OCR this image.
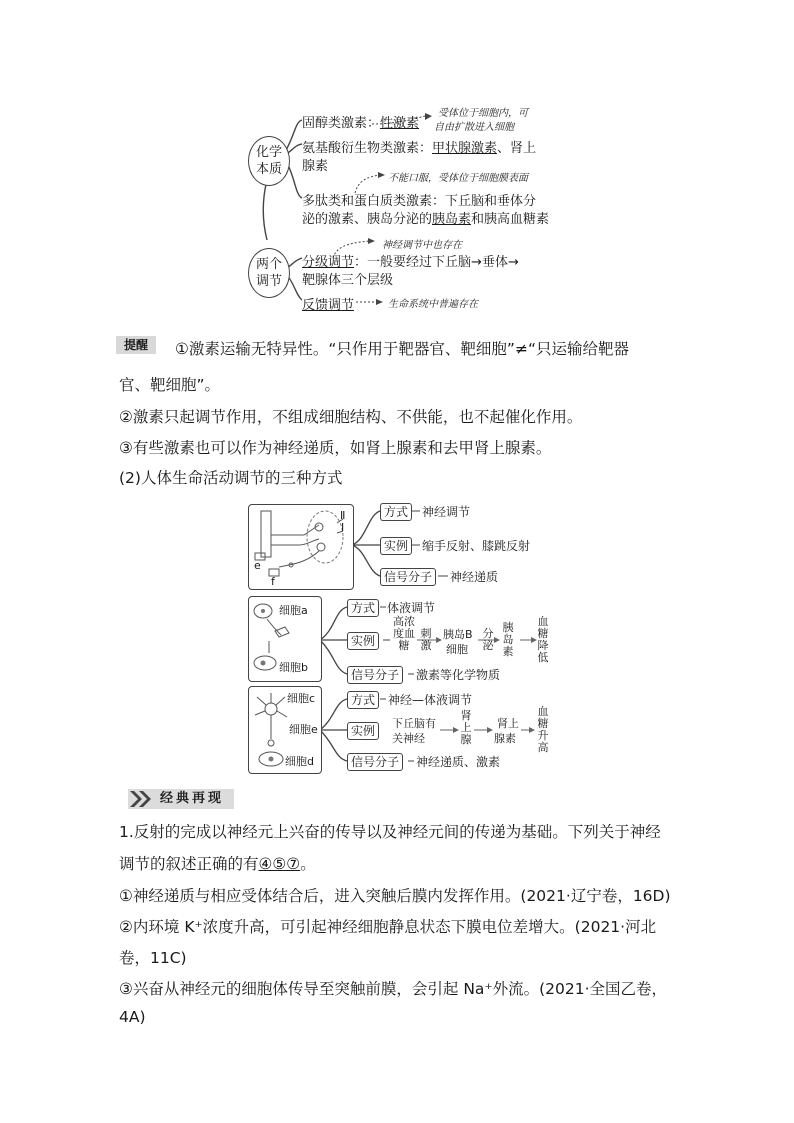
化学本质
两个调节
固醇类激素：性激素
受体位于细胞内，可
自由扩散进入细胞
氨基酸衍生物类激素：甲状腺激素、肾上
腺素
不能口服，受体位于细胞膜表面
多肽类和蛋白质类激素：下丘脑和垂体分
泌的激素、胰岛分泌的胰岛素和胰高血糖素
神经调节中也存在
分级调节：一般要经过下丘脑→垂体→
靶腺体三个层级
反馈调节	生命系统中普遍存在
提醒	①激素运输无特异性。“只作用于靶器官、靶细胞”≠“只运输给靶器
官、靶细胞”。
②激素只起调节作用，不组成细胞结构、不供能，也不起催化作用。
③有些激素也可以作为神经递质，如肾上腺素和去甲肾上腺素。
(2)人体生命活动调节的三种方式
Ⅱ
Ⅰ
e
f
方式	神经调节
实例	缩手反射、膝跳反射
信号分子	神经递质
细胞a
细胞b
方式 体液调节
实例
高浓度血糖
刺激
胰岛B
细胞
分泌
胰岛素
血糖降低
信号分子	激素等化学物质
细胞c
细胞e
细胞d
方式	神经—体液调节
实例
下丘脑有
关神经
肾上腺
肾上
腺素
血糖升高
信号分子	神经递质、激素
经典再现
1.反射的完成以神经元上兴奋的传导以及神经元间的传递为基础。下列关于神经
调节的叙述正确的有④⑤⑦。
①神经递质与相应受体结合后，进入突触后膜内发挥作用。(2021·辽宁卷，16D)
②内环境 K⁺浓度升高，可引起神经细胞静息状态下膜电位差增大。(2021·河北
卷，11C)
③兴奋从神经元的细胞体传导至突触前膜，会引起 Na⁺外流。(2021·全国乙卷，
4A)
